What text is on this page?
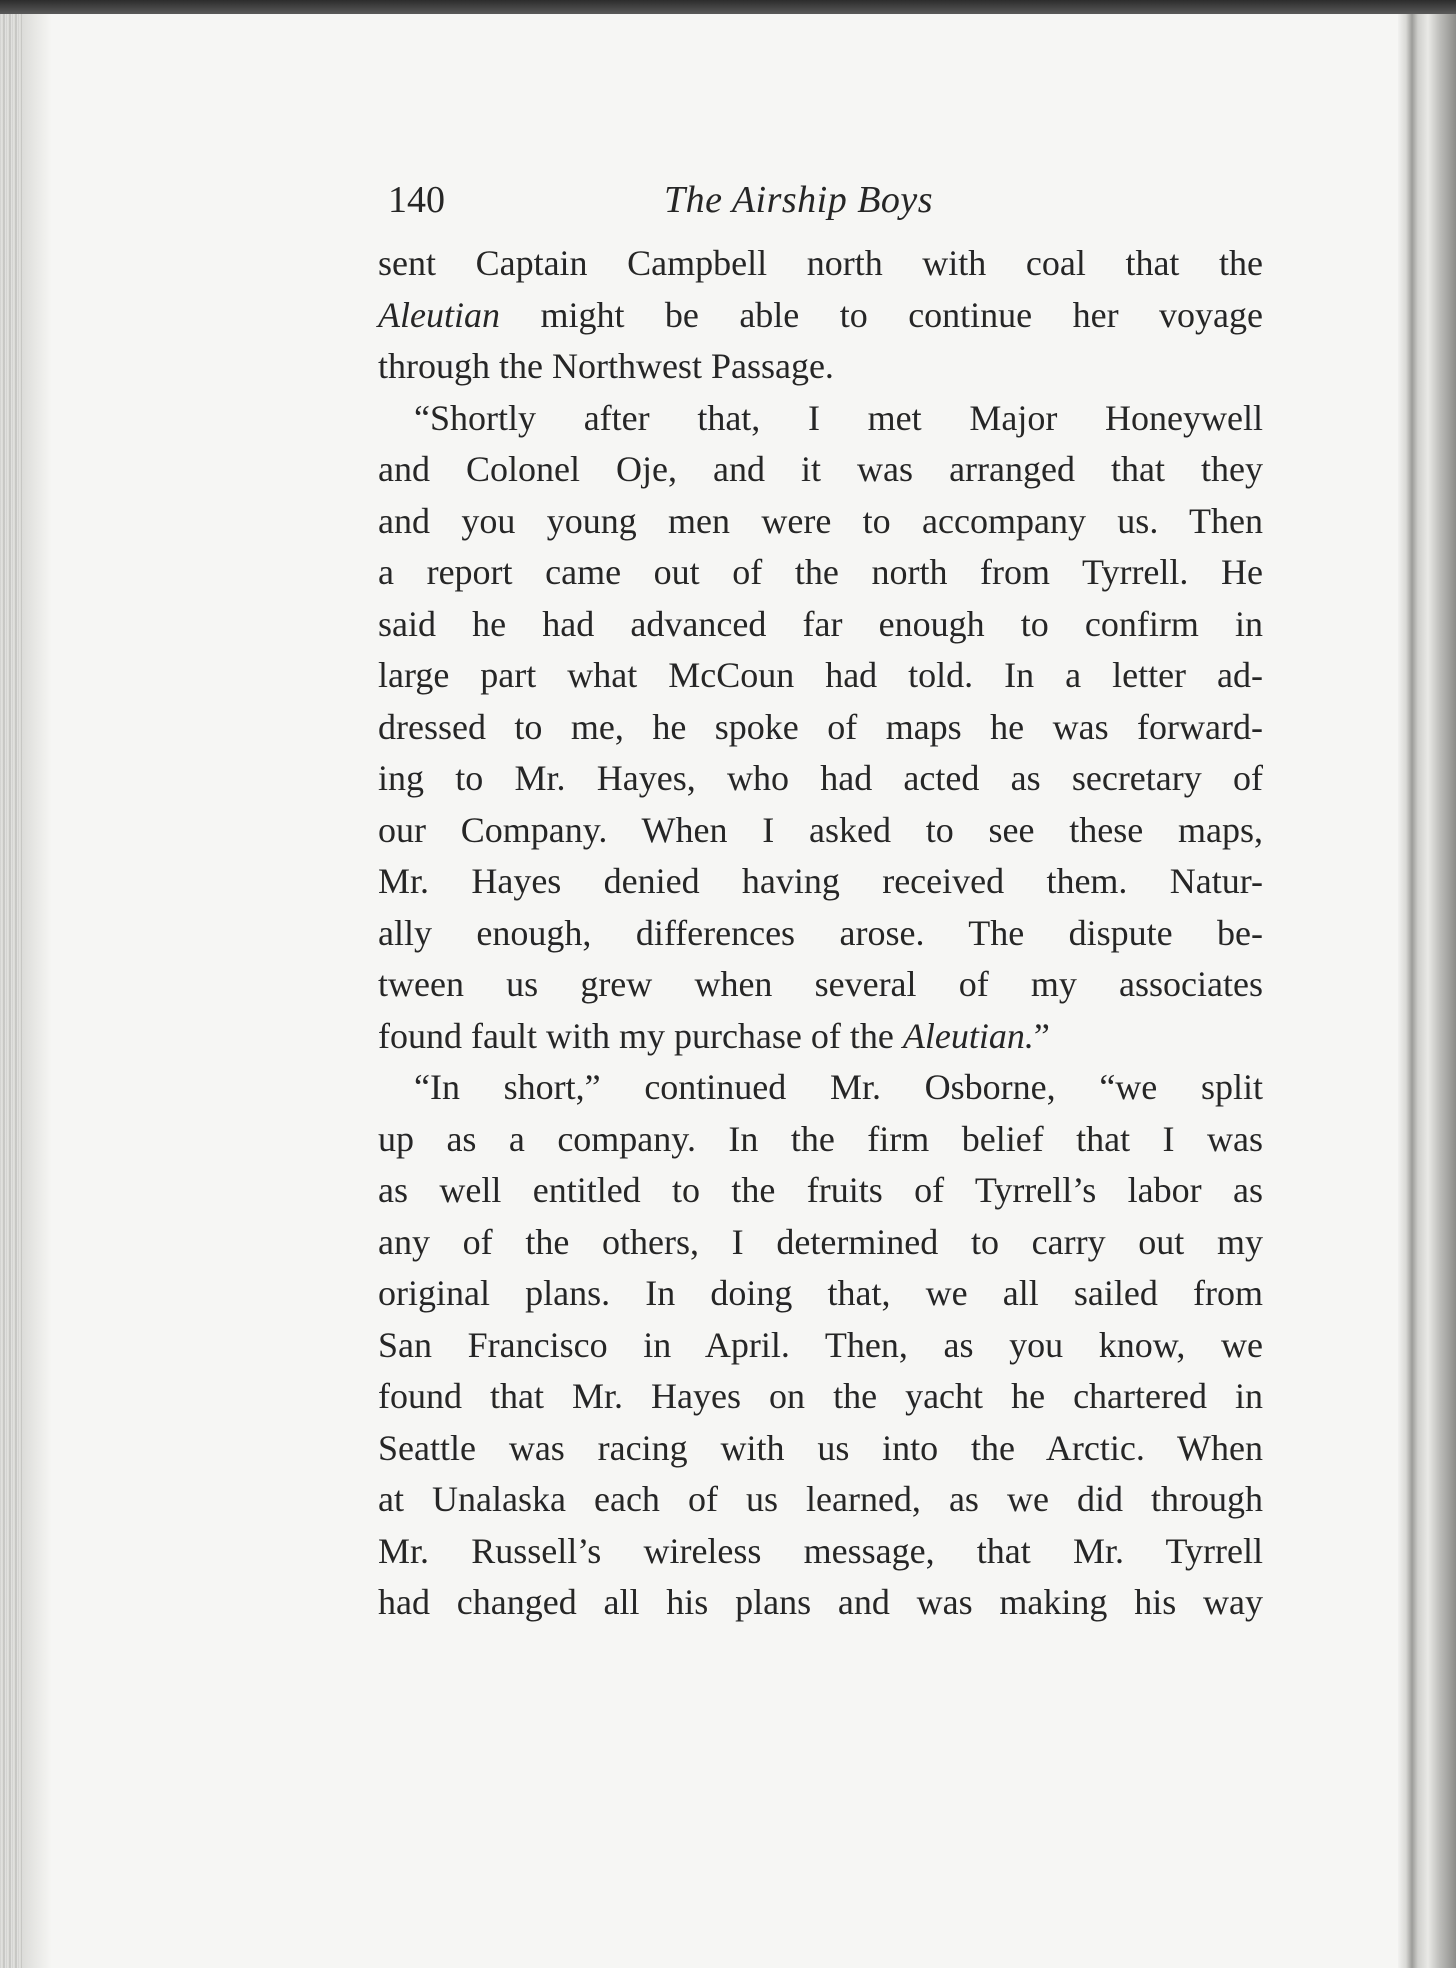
140	The Airship Boys

sent Captain Campbell north with coal that the

Aleutian might be able to continue her voyage

through the Northwest Passage.

“Shortly after that, I met Major Honeywell

and Colonel Oje, and it was arranged that they

and you young men were to accompany us. Then

a report came out of the north from Tyrrell. He

said he had advanced far enough to confirm in

large part what McCoun had told. In a letter ad-

dressed to me, he spoke of maps he was forward-

ing to Mr. Hayes, who had acted as secretary of

our Company. When I asked to see these maps,

Mr. Hayes denied having received them. Natur-

ally enough, differences arose. The dispute be-

tween us grew when several of my associates

found fault with my purchase of the Aleutian.”

“In short,” continued Mr. Osborne, “we split

up as a company. In the firm belief that I was

as well entitled to the fruits of Tyrrell’s labor as

any of the others, I determined to carry out my

original plans. In doing that, we all sailed from

San Francisco in April. Then, as you know, we

found that Mr. Hayes on the yacht he chartered in

Seattle was racing with us into the Arctic. When

at Unalaska each of us learned, as we did through

Mr. Russell’s wireless message, that Mr. Tyrrell

had changed all his plans and was making his way
